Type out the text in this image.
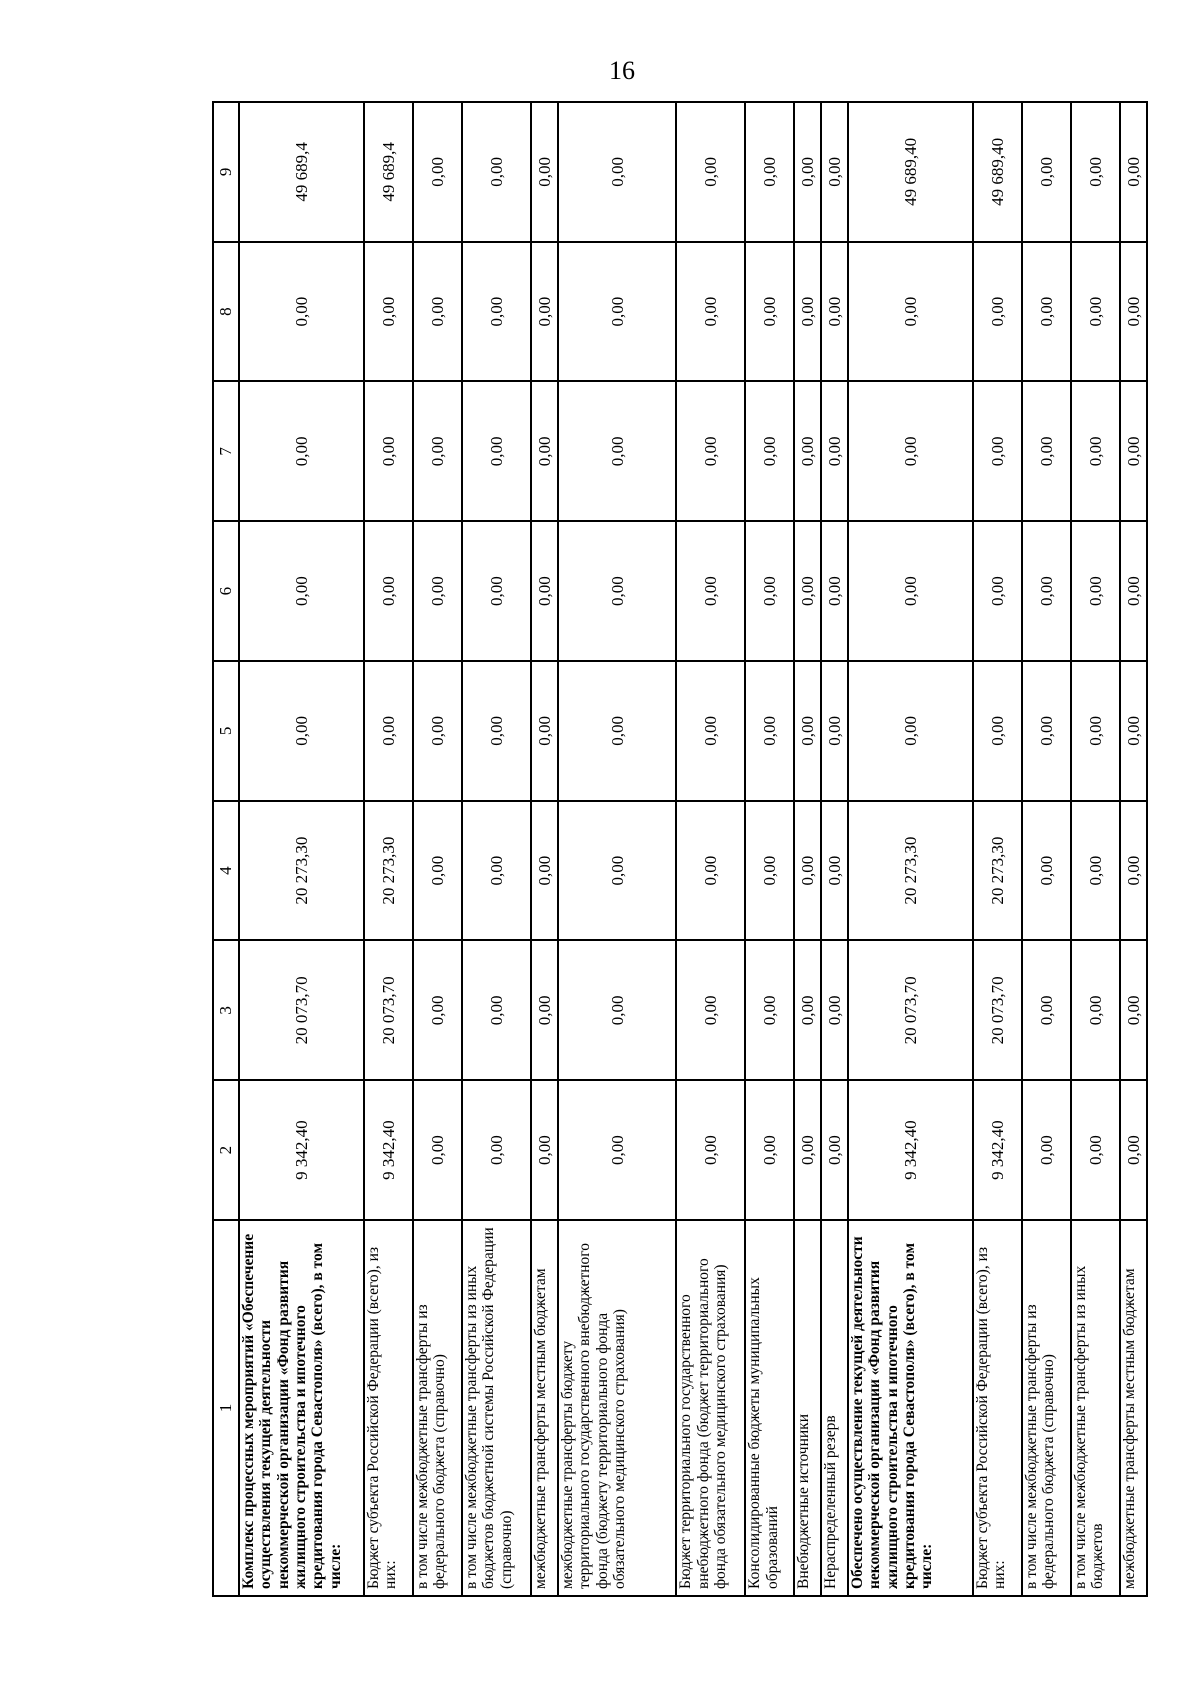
16
1	2	3	4	5	6	7	8	9
Комплекс процессных мероприятий «Обеспечение осуществления текущей деятельности некоммерческой организации «Фонд развития жилищного строительства и ипотечного кредитования города Севастополя» (всего), в том числе:	9 342,40	20 073,70	20 273,30	0,00	0,00	0,00	0,00	49 689,4
Бюджет субъекта Российской Федерации (всего), из них:	9 342,40	20 073,70	20 273,30	0,00	0,00	0,00	0,00	49 689,4
в том числе межбюджетные трансферты из федерального бюджета (справочно)	0,00	0,00	0,00	0,00	0,00	0,00	0,00	0,00
в том числе межбюджетные трансферты из иных бюджетов бюджетной системы Российской Федерации (справочно)	0,00	0,00	0,00	0,00	0,00	0,00	0,00	0,00
межбюджетные трансферты местным бюджетам	0,00	0,00	0,00	0,00	0,00	0,00	0,00	0,00
межбюджетные трансферты бюджету территориального государственного внебюджетного фонда (бюджету территориального фонда обязательного медицинского страхования)	0,00	0,00	0,00	0,00	0,00	0,00	0,00	0,00
Бюджет территориального государственного внебюджетного фонда (бюджет территориального фонда обязательного медицинского страхования)	0,00	0,00	0,00	0,00	0,00	0,00	0,00	0,00
Консолидированные бюджеты муниципальных образований	0,00	0,00	0,00	0,00	0,00	0,00	0,00	0,00
Внебюджетные источники	0,00	0,00	0,00	0,00	0,00	0,00	0,00	0,00
Нераспределенный резерв	0,00	0,00	0,00	0,00	0,00	0,00	0,00	0,00
Обеспечено осуществление текущей деятельности некоммерческой организации «Фонд развития жилищного строительства и ипотечного кредитования города Севастополя» (всего), в том числе:	9 342,40	20 073,70	20 273,30	0,00	0,00	0,00	0,00	49 689,40
Бюджет субъекта Российской Федерации (всего), из них:	9 342,40	20 073,70	20 273,30	0,00	0,00	0,00	0,00	49 689,40
в том числе межбюджетные трансферты из федерального бюджета (справочно)	0,00	0,00	0,00	0,00	0,00	0,00	0,00	0,00
в том числе межбюджетные трансферты из иных бюджетов	0,00	0,00	0,00	0,00	0,00	0,00	0,00	0,00
межбюджетные трансферты местным бюджетам	0,00	0,00	0,00	0,00	0,00	0,00	0,00	0,00
